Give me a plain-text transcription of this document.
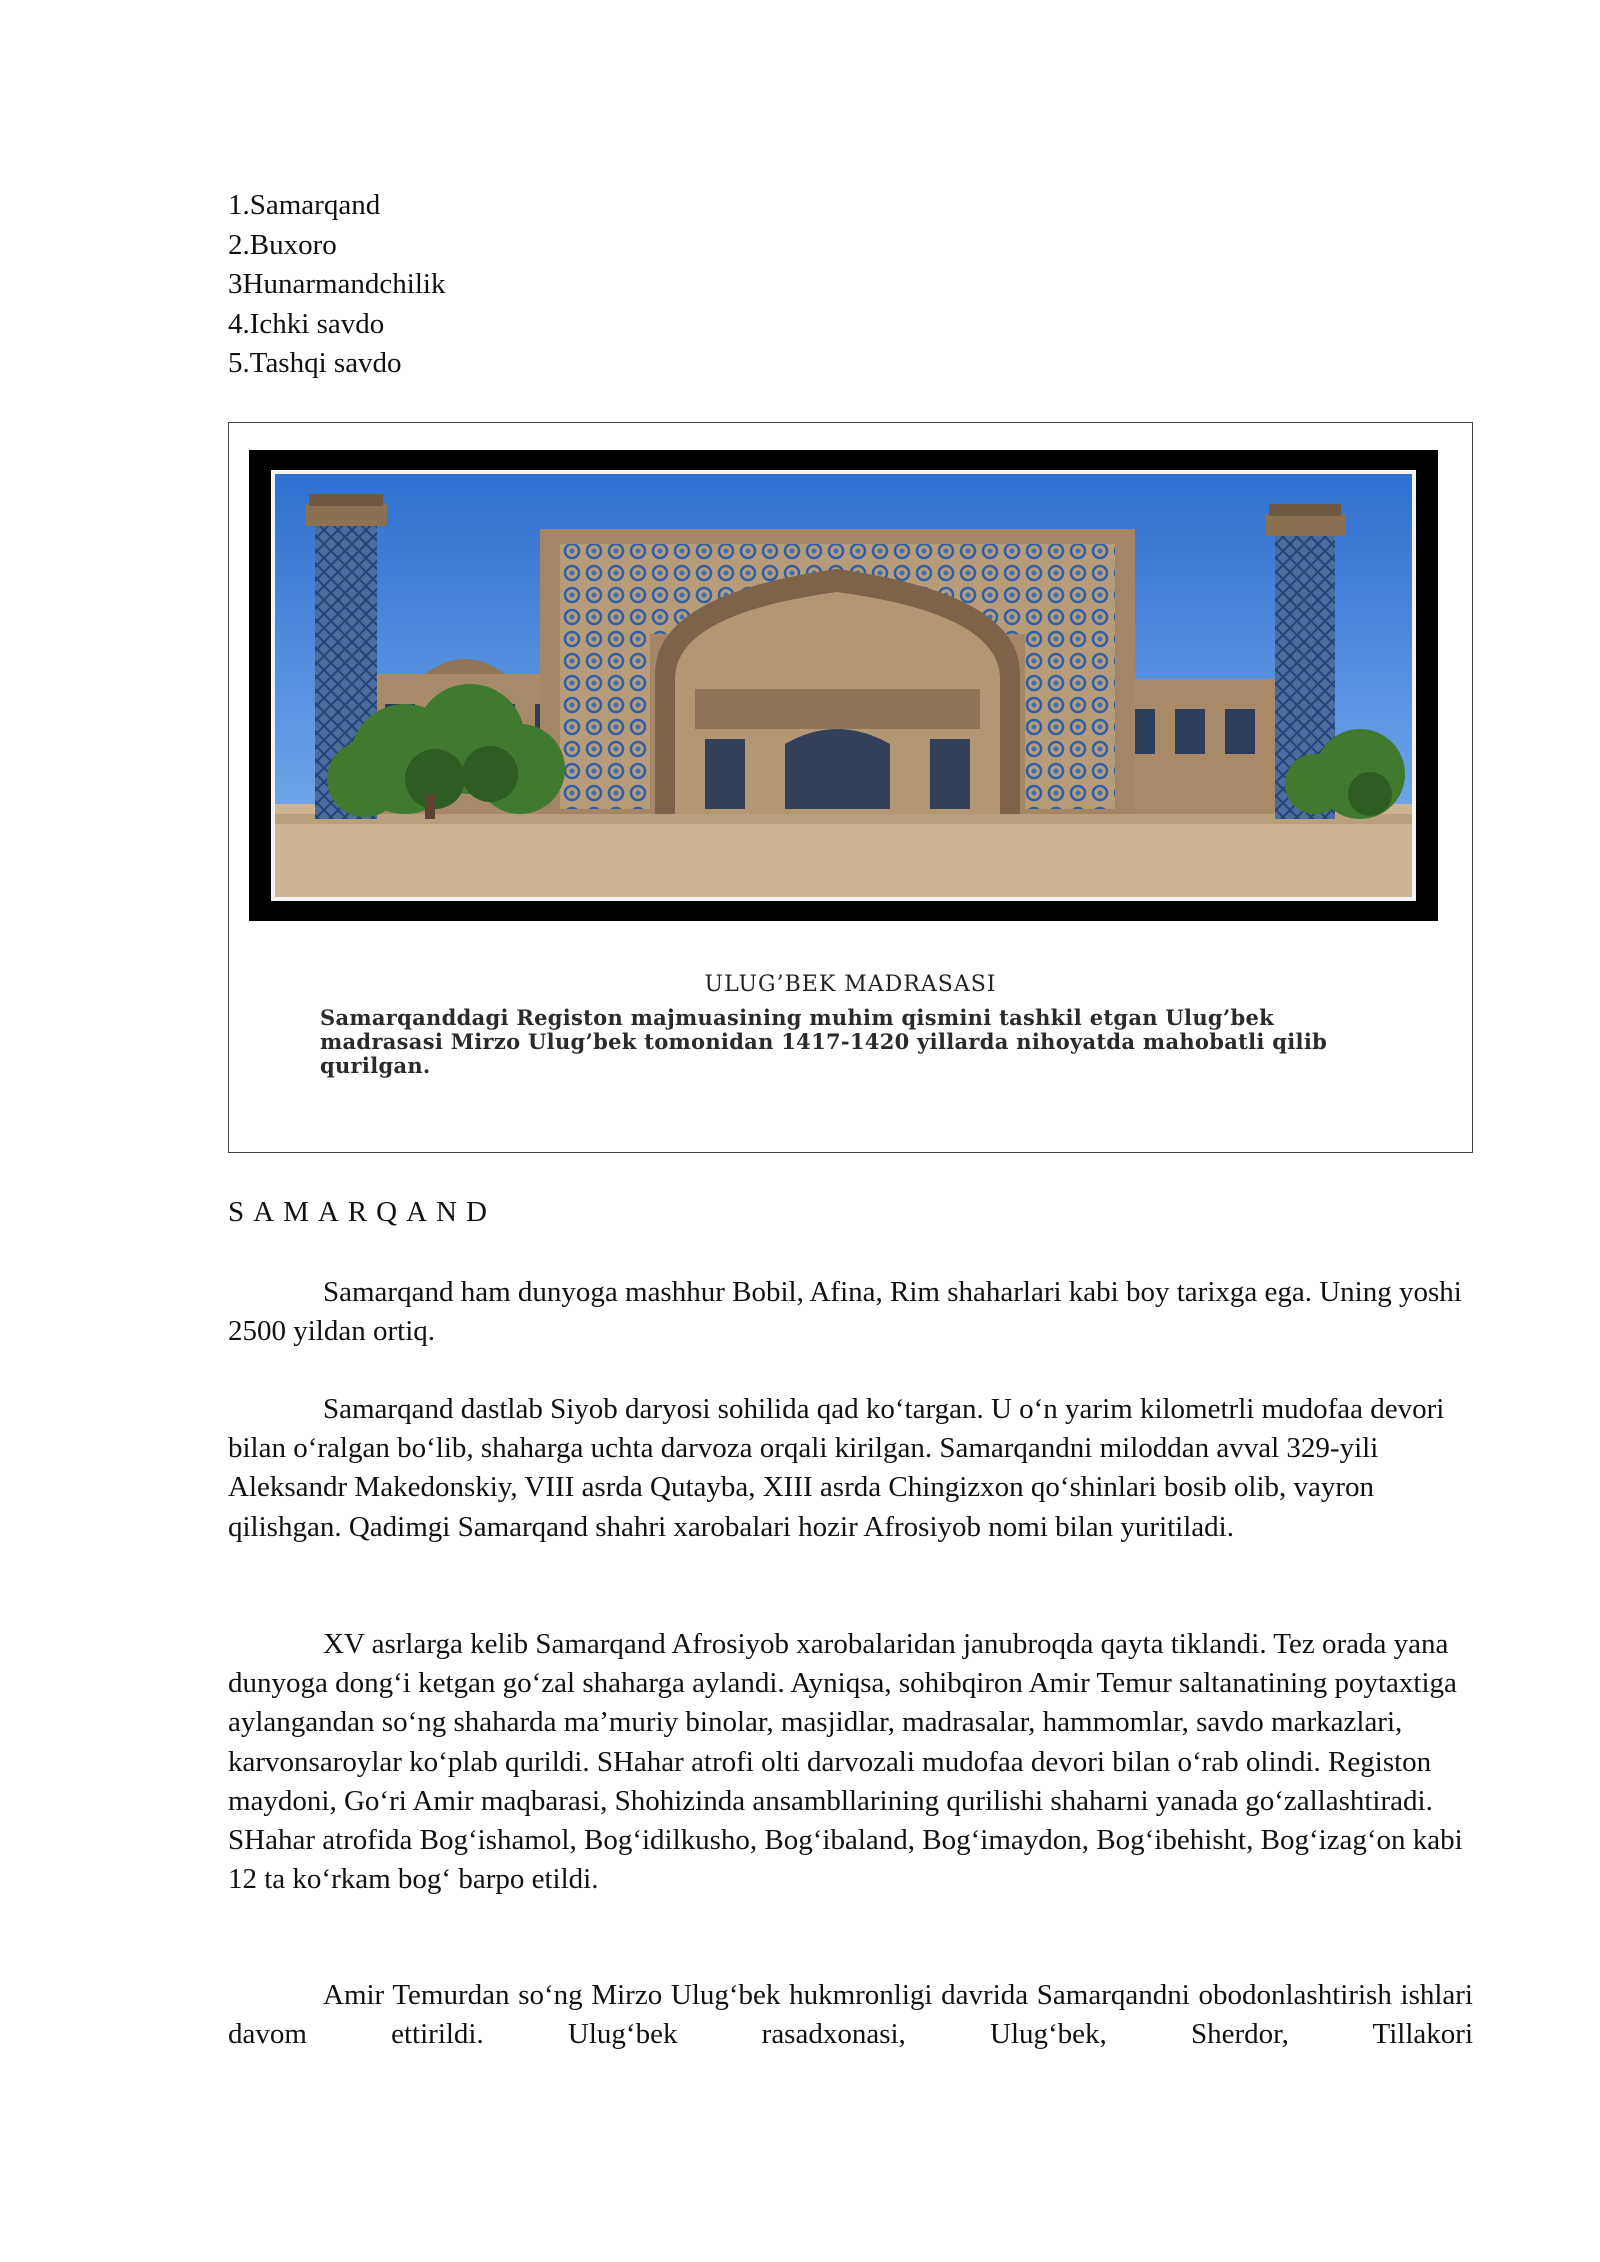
1.Samarqand
2.Buxoro
3Hunarmandchilik
4.Ichki savdo
5.Tashqi savdo
ULUG’BEK MADRASASI
Samarqanddagi Registon majmuasining muhim qismini tashkil etgan Ulug’bek madrasasi Mirzo Ulug’bek tomonidan 1417-1420 yillarda nihoyatda mahobatli qilib qurilgan.
SAMARQAND

Samarqand ham dunyoga mashhur Bobil, Afina, Rim shaharlari kabi boy tarixga ega. Uning yoshi 2500 yildan ortiq.

Samarqand dastlab Siyob daryosi sohilida qad ko‘targan. U o‘n yarim kilometrli mudofaa devori bilan o‘ralgan bo‘lib, shaharga uchta darvoza orqali kirilgan. Samarqandni miloddan avval 329-yili Aleksandr Makedonskiy, VIII asrda Qutayba, XIII asrda Chingizxon qo‘shinlari bosib olib, vayron qilishgan. Qadimgi Samarqand shahri xarobalari hozir Afrosiyob nomi bilan yuritiladi.

XV asrlarga kelib Samarqand Afrosiyob xarobalaridan janubroqda qayta tiklandi. Tez orada yana dunyoga dong‘i ketgan go‘zal shaharga aylandi. Ayniqsa, sohibqiron Amir Temur saltanatining poytaxtiga aylangandan so‘ng shaharda ma’muriy binolar, masjidlar, madrasalar, hammomlar, savdo markazlari, karvonsaroylar ko‘plab qurildi. SHahar atrofi olti darvozali mudofaa devori bilan o‘rab olindi. Registon maydoni, Go‘ri Amir maqbarasi, Shohizinda ansambllarining qurilishi shaharni yanada go‘zallashtiradi. SHahar atrofida Bog‘ishamol, Bog‘idilkusho, Bog‘ibaland, Bog‘imaydon, Bog‘ibehisht, Bog‘izag‘on kabi 12 ta ko‘rkam bog‘ barpo etildi.

Amir Temurdan so‘ng Mirzo Ulug‘bek hukmronligi davrida Samarqandni obodonlashtirish ishlari davom ettirildi. Ulug‘bek rasadxonasi, Ulug‘bek, Sherdor, Tillakori
